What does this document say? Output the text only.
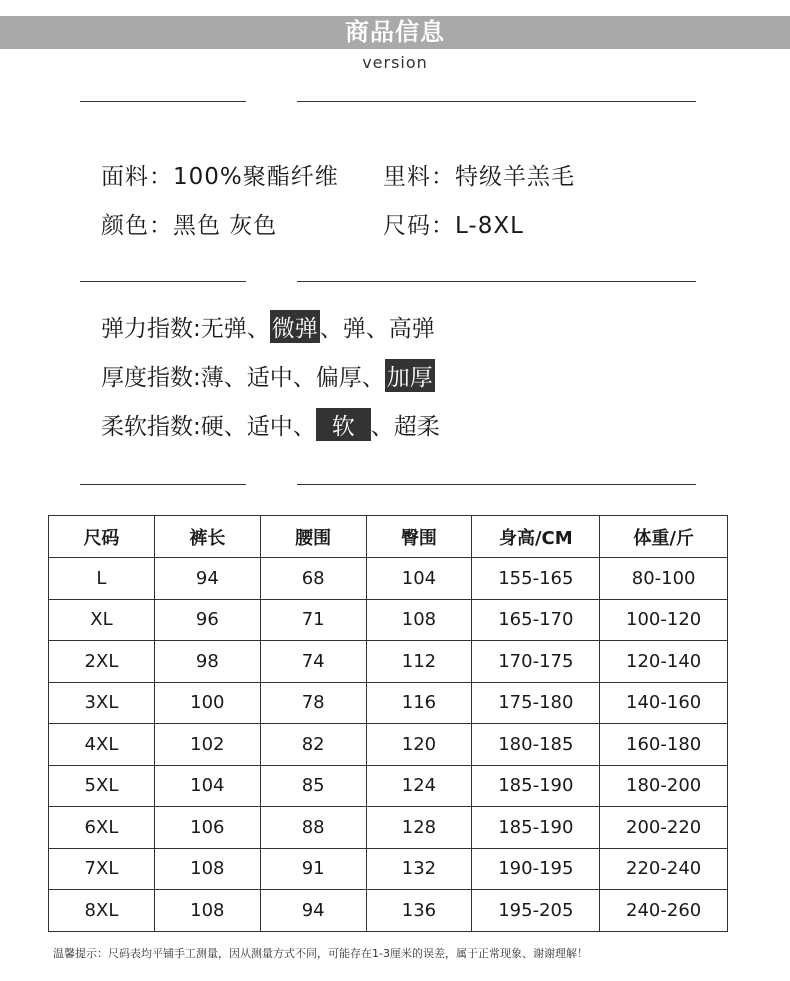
商品信息
version
面料：100%聚酯纤维 里料：特级羊羔毛
颜色：黑色 灰色	尺码：L-8XL
弹力指数:无弹、微弹、弹、高弹
厚度指数:薄、适中、偏厚、加厚
柔软指数:硬、适中、 软 、超柔
尺码	裤长	腰围	臀围	身高/CM	体重/斤
L	94	68	104	155-165	80-100
XL	96	71	108	165-170	100-120
2XL	98	74	112	170-175	120-140
3XL	100	78	116	175-180	140-160
4XL	102	82	120	180-185	160-180
5XL	104	85	124	185-190	180-200
6XL	106	88	128	185-190	200-220
7XL	108	91	132	190-195	220-240
8XL	108	94	136	195-205	240-260
温馨提示：尺码表均平铺手工测量，因从测量方式不同，可能存在1-3厘米的误差，属于正常现象、谢谢理解！
